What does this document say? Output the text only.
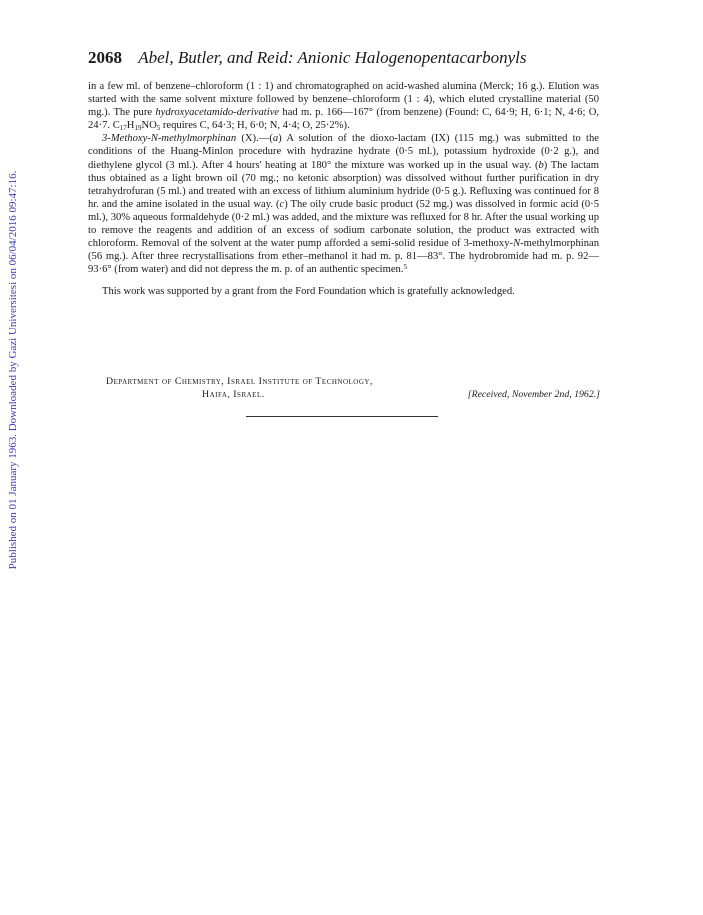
Published on 01 January 1963. Downloaded by Gazi Universitesi on 06/04/2016 09:47:16.
2068 Abel, Butler, and Reid: Anionic Halogenopentacarbonyls

in a few ml. of benzene–chloroform (1 : 1) and chromatographed on acid-washed alumina (Merck; 16 g.). Elution was started with the same solvent mixture followed by benzene–chloroform (1 : 4), which eluted crystalline material (50 mg.). The pure hydroxyacetamido-derivative had m. p. 166—167° (from benzene) (Found: C, 64·9; H, 6·1; N, 4·6; O, 24·7. $C_{17}H_{19}NO_5$ requires C, 64·3; H, 6·0; N, 4·4; O, 25·2%).

3-Methoxy-N-methylmorphinan (X).—(a) A solution of the dioxo-lactam (IX) (115 mg.) was submitted to the conditions of the Huang-Minlon procedure with hydrazine hydrate (0·5 ml.), potassium hydroxide (0·2 g.), and diethylene glycol (3 ml.). After 4 hours' heating at 180° the mixture was worked up in the usual way. (b) The lactam thus obtained as a light brown oil (70 mg.; no ketonic absorption) was dissolved without further purification in dry tetrahydrofuran (5 ml.) and treated with an excess of lithium aluminium hydride (0·5 g.). Refluxing was continued for 8 hr. and the amine isolated in the usual way. (c) The oily crude basic product (52 mg.) was dissolved in formic acid (0·5 ml.), 30% aqueous formaldehyde (0·2 ml.) was added, and the mixture was refluxed for 8 hr. After the usual working up to remove the reagents and addition of an excess of sodium carbonate solution, the product was extracted with chloroform. Removal of the solvent at the water pump afforded a semi-solid residue of 3-methoxy-N-methylmorphinan (56 mg.). After three recrystallisations from ether–methanol it had m. p. 81—83°. The hydrobromide had m. p. 92—93·6° (from water) and did not depress the m. p. of an authentic specimen.$^5$

This work was supported by a grant from the Ford Foundation which is gratefully acknowledged.

Department of Chemistry, Israel Institute of Technology,
Haifa, Israel.	[Received, November 2nd, 1962.]
